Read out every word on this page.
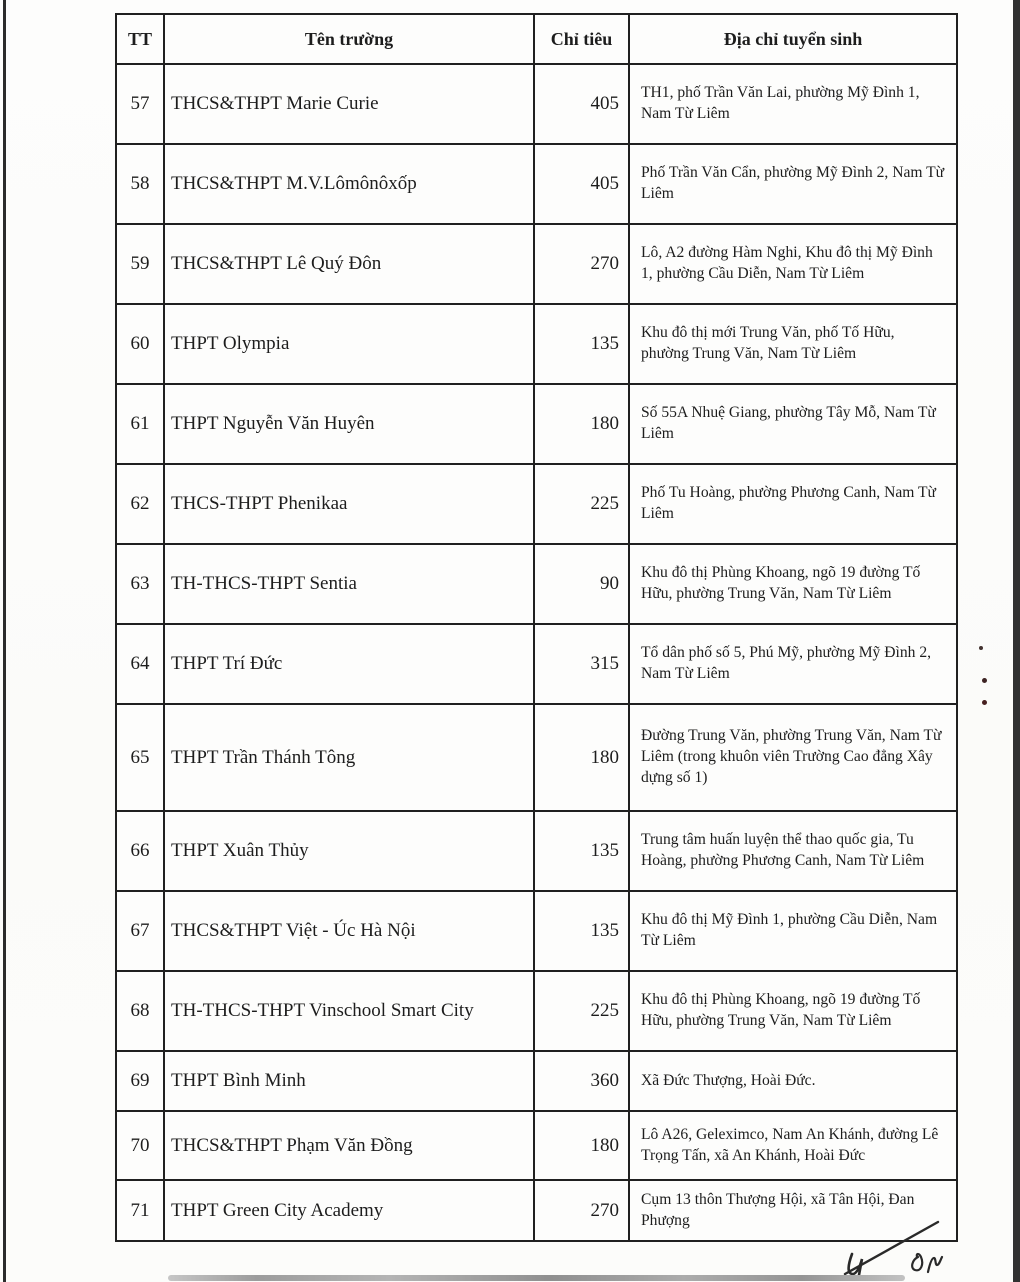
TT	Tên trường	Chỉ tiêu	Địa chỉ tuyển sinh
57	THCS&THPT Marie Curie	405	TH1, phố Trần Văn Lai, phường Mỹ Đình 1, Nam Từ Liêm
58	THCS&THPT M.V.Lômônôxốp	405	Phố Trần Văn Cẩn, phường Mỹ Đình 2, Nam Từ Liêm
59	THCS&THPT Lê Quý Đôn	270	Lô, A2 đường Hàm Nghi, Khu đô thị Mỹ Đình 1, phường Cầu Diễn, Nam Từ Liêm
60	THPT Olympia	135	Khu đô thị mới Trung Văn, phố Tố Hữu, phường Trung Văn, Nam Từ Liêm
61	THPT Nguyễn Văn Huyên	180	Số 55A Nhuệ Giang, phường Tây Mỗ, Nam Từ Liêm
62	THCS-THPT Phenikaa	225	Phố Tu Hoàng, phường Phương Canh, Nam Từ Liêm
63	TH-THCS-THPT Sentia	90	Khu đô thị Phùng Khoang, ngõ 19 đường Tố Hữu, phường Trung Văn, Nam Từ Liêm
64	THPT Trí Đức	315	Tổ dân phố số 5, Phú Mỹ, phường Mỹ Đình 2, Nam Từ Liêm
65	THPT Trần Thánh Tông	180	Đường Trung Văn, phường Trung Văn, Nam Từ Liêm (trong khuôn viên Trường Cao đẳng Xây dựng số 1)
66	THPT Xuân Thủy	135	Trung tâm huấn luyện thể thao quốc gia, Tu Hoàng, phường Phương Canh, Nam Từ Liêm
67	THCS&THPT Việt - Úc Hà Nội	135	Khu đô thị Mỹ Đình 1, phường Cầu Diễn, Nam Từ Liêm
68	TH-THCS-THPT Vinschool Smart City	225	Khu đô thị Phùng Khoang, ngõ 19 đường Tố Hữu, phường Trung Văn, Nam Từ Liêm
69	THPT Bình Minh	360	Xã Đức Thượng, Hoài Đức.
70	THCS&THPT Phạm Văn Đồng	180	Lô A26, Geleximco, Nam An Khánh, đường Lê Trọng Tấn, xã An Khánh, Hoài Đức
71	THPT Green City Academy	270	Cụm 13 thôn Thượng Hội, xã Tân Hội, Đan Phượng
